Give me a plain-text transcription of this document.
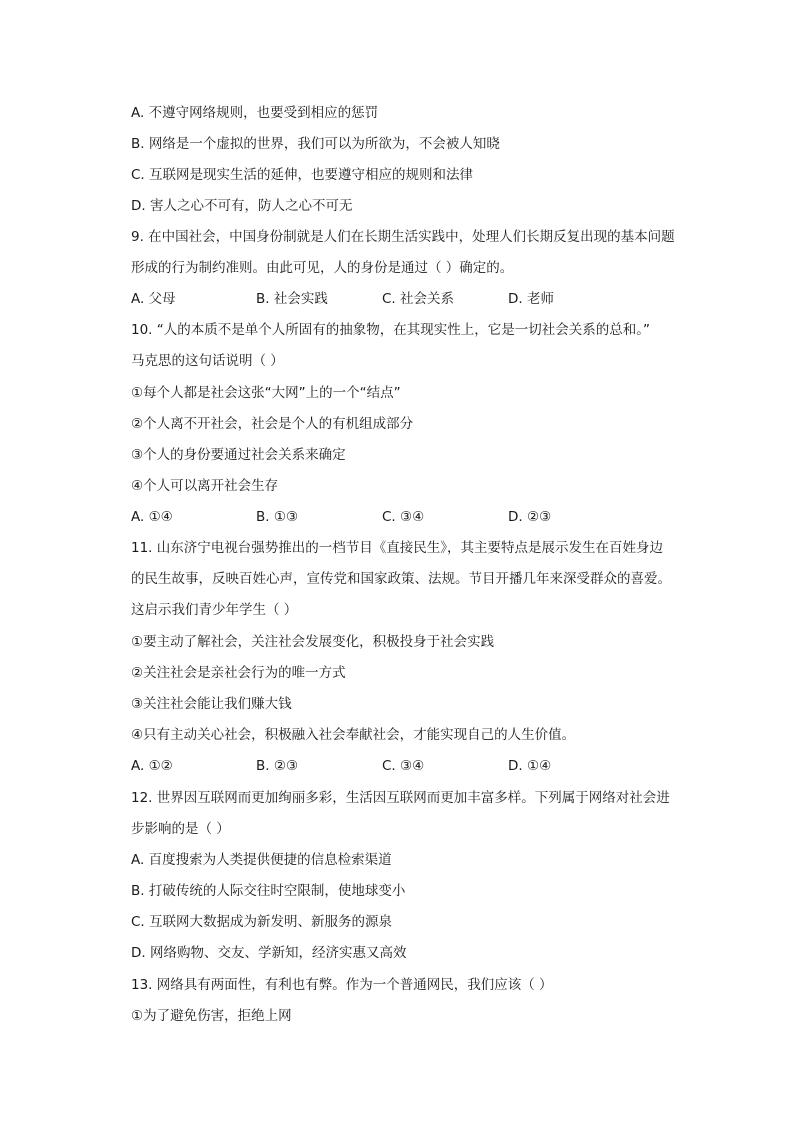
A. 不遵守网络规则，也要受到相应的惩罚
B. 网络是一个虚拟的世界，我们可以为所欲为，不会被人知晓
C. 互联网是现实生活的延伸，也要遵守相应的规则和法律
D. 害人之心不可有，防人之心不可无
9. 在中国社会，中国身份制就是人们在长期生活实践中，处理人们长期反复出现的基本问题
形成的行为制约准则。由此可见，人的身份是通过（ ）确定的。
A. 父母	B. 社会实践	C. 社会关系	D. 老师
10. “人的本质不是单个人所固有的抽象物，在其现实性上，它是一切社会关系的总和。”
马克思的这句话说明（ ）
①每个人都是社会这张“大网”上的一个“结点”
②个人离不开社会，社会是个人的有机组成部分
③个人的身份要通过社会关系来确定
④个人可以离开社会生存
A. ①④	B. ①③	C. ③④	D. ②③
11. 山东济宁电视台强势推出的一档节目《直接民生》，其主要特点是展示发生在百姓身边
的民生故事，反映百姓心声，宣传党和国家政策、法规。节目开播几年来深受群众的喜爱。
这启示我们青少年学生（ ）
①要主动了解社会，关注社会发展变化，积极投身于社会实践
②关注社会是亲社会行为的唯一方式
③关注社会能让我们赚大钱
④只有主动关心社会，积极融入社会奉献社会，才能实现自己的人生价值。
A. ①②	B. ②③	C. ③④	D. ①④
12. 世界因互联网而更加绚丽多彩，生活因互联网而更加丰富多样。下列属于网络对社会进
步影响的是（ ）
A. 百度搜索为人类提供便捷的信息检索渠道
B. 打破传统的人际交往时空限制，使地球变小
C. 互联网大数据成为新发明、新服务的源泉
D. 网络购物、交友、学新知，经济实惠又高效
13. 网络具有两面性，有利也有弊。作为一个普通网民，我们应该（ ）
①为了避免伤害，拒绝上网
